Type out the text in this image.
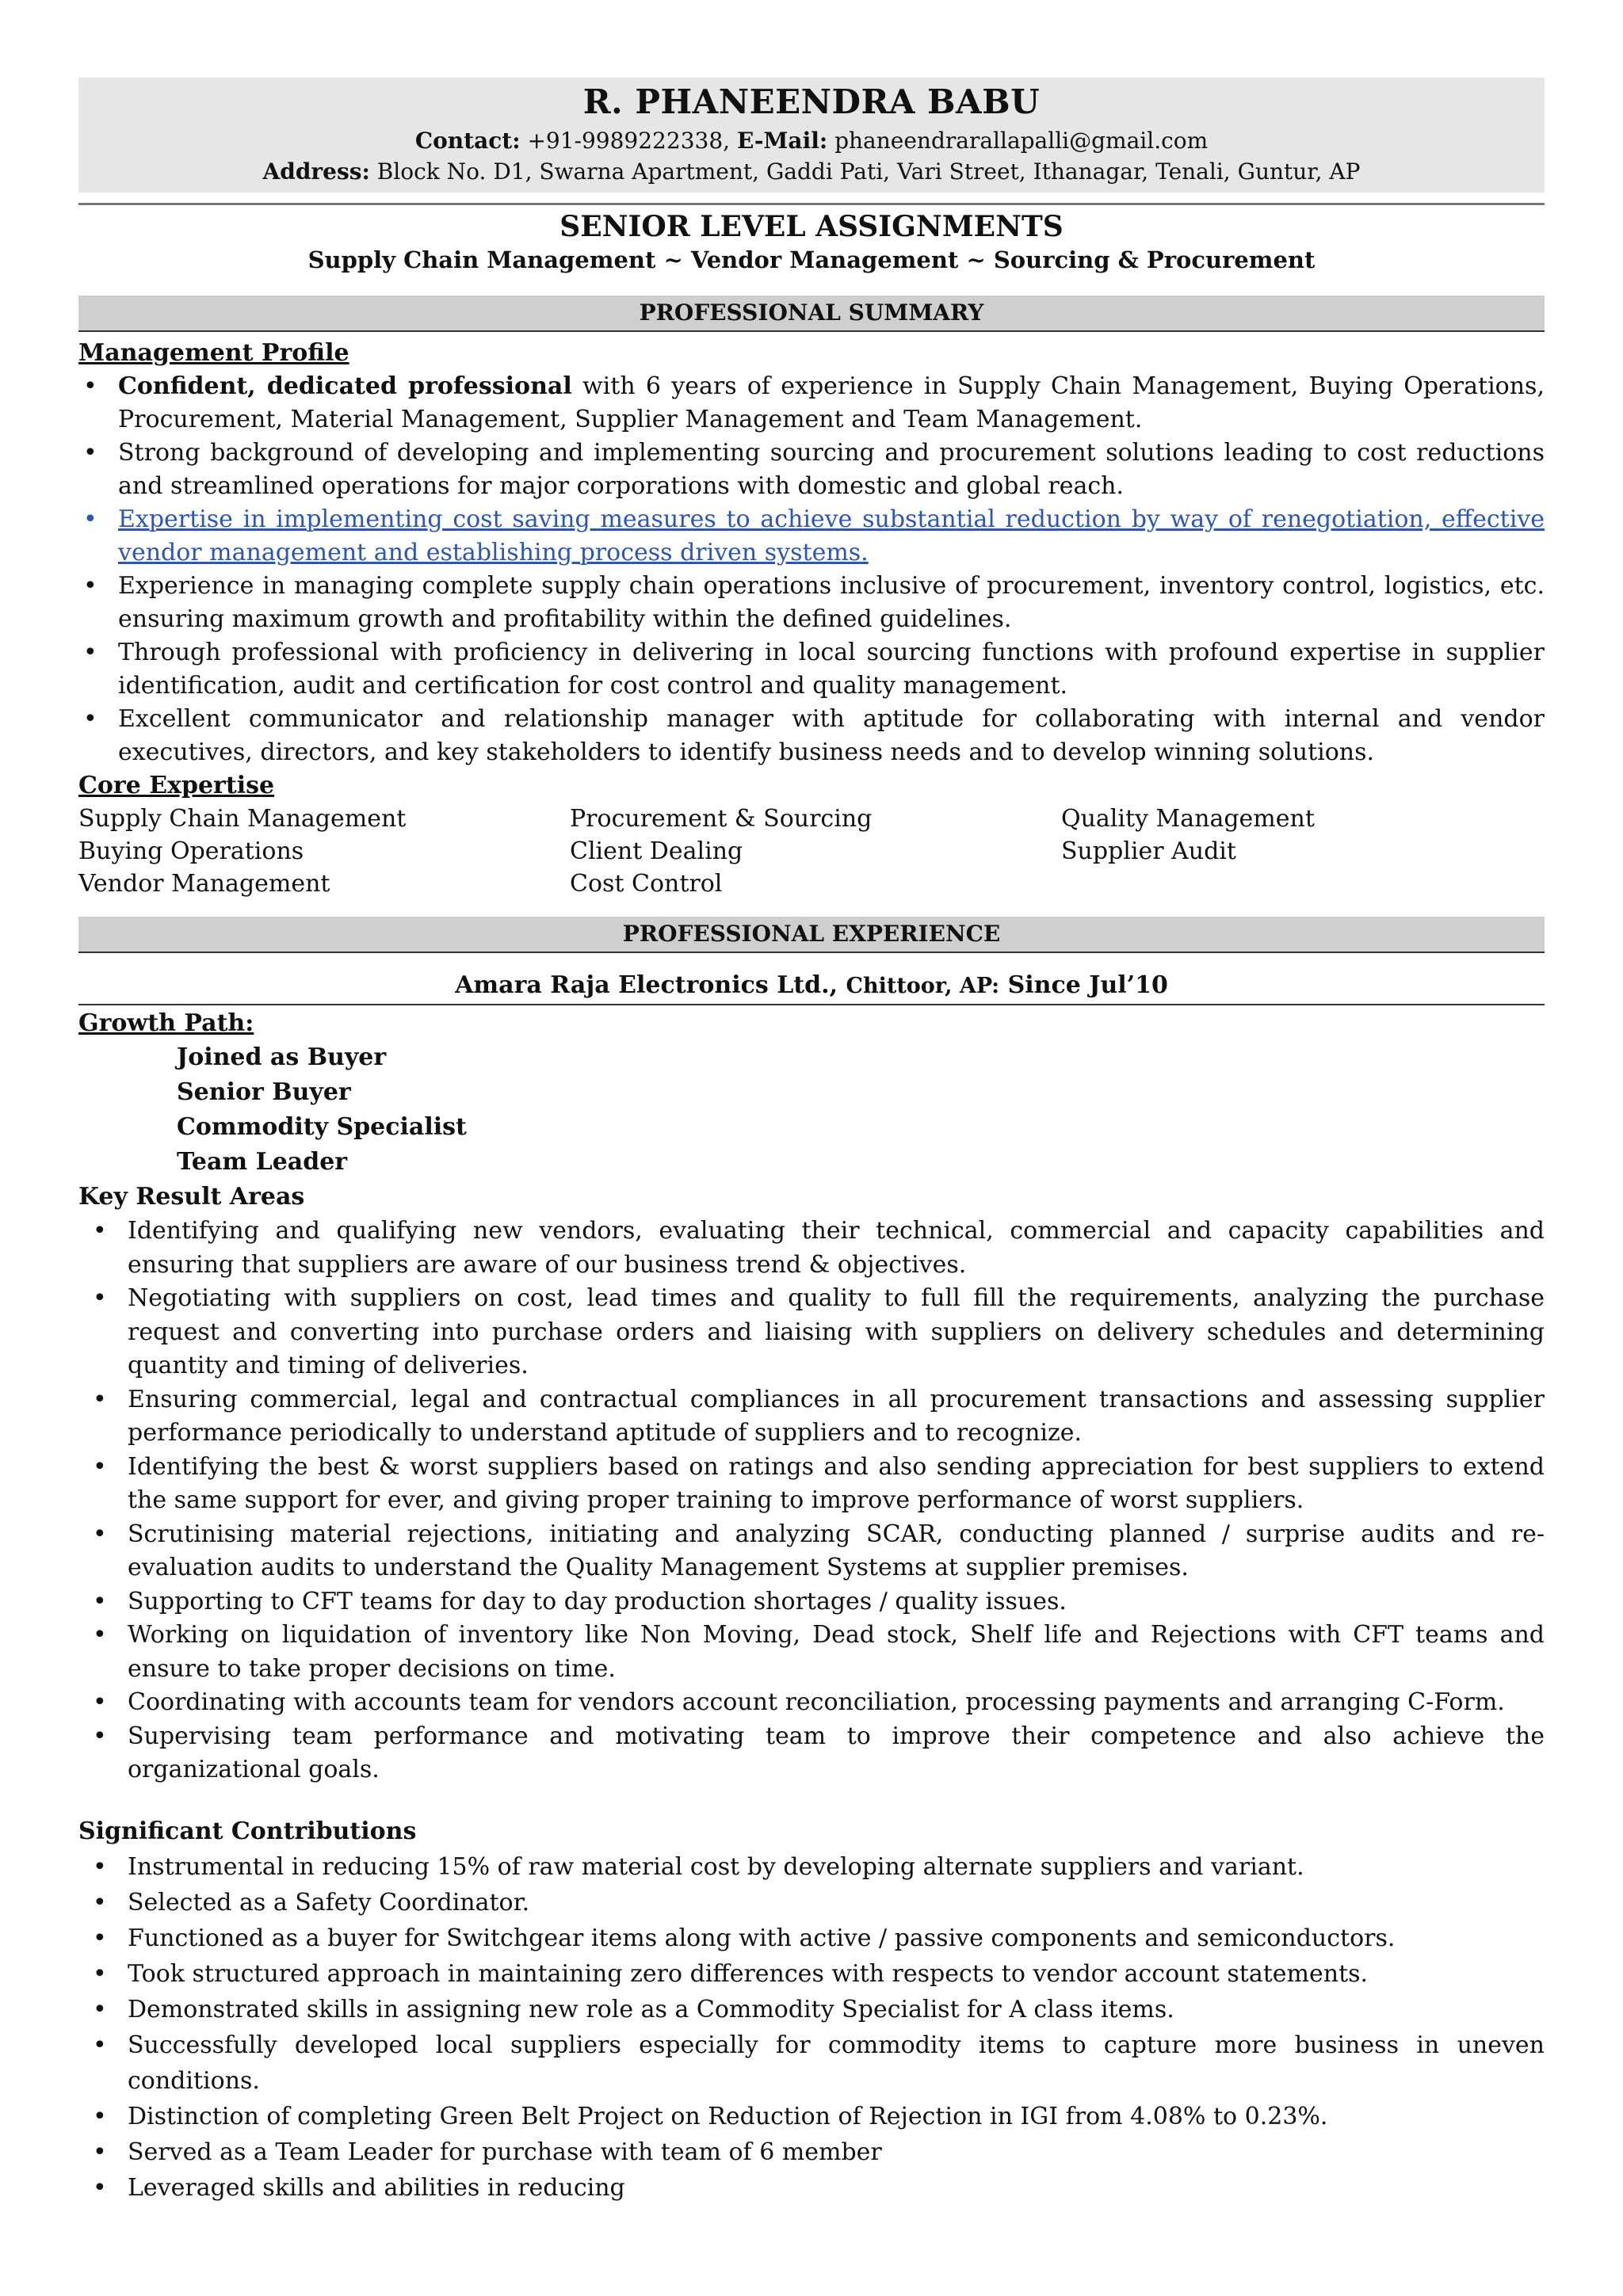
R. PHANEENDRA BABU
Contact: +91-9989222338, E-Mail: phaneendrarallapalli@gmail.com
Address: Block No. D1, Swarna Apartment, Gaddi Pati, Vari Street, Ithanagar, Tenali, Guntur, AP
SENIOR LEVEL ASSIGNMENTS
Supply Chain Management ~ Vendor Management ~ Sourcing & Procurement
PROFESSIONAL SUMMARY
Management Profile
• Confident, dedicated professional with 6 years of experience in Supply Chain Management, Buying Operations, Procurement, Material Management, Supplier Management and Team Management.
• Strong background of developing and implementing sourcing and procurement solutions leading to cost reductions and streamlined operations for major corporations with domestic and global reach.
• Expertise in implementing cost saving measures to achieve substantial reduction by way of renegotiation, effective vendor management and establishing process driven systems.
• Experience in managing complete supply chain operations inclusive of procurement, inventory control, logistics, etc. ensuring maximum growth and profitability within the defined guidelines.
• Through professional with proficiency in delivering in local sourcing functions with profound expertise in supplier identification, audit and certification for cost control and quality management.
• Excellent communicator and relationship manager with aptitude for collaborating with internal and vendor executives, directors, and key stakeholders to identify business needs and to develop winning solutions.
Core Expertise
Supply Chain Management	Procurement & Sourcing	Quality Management
Buying Operations	Client Dealing	Supplier Audit
Vendor Management	Cost Control
PROFESSIONAL EXPERIENCE
Amara Raja Electronics Ltd., Chittoor, AP: Since Jul’10
Growth Path:
Joined as Buyer
Senior Buyer
Commodity Specialist
Team Leader
Key Result Areas
• Identifying and qualifying new vendors, evaluating their technical, commercial and capacity capabilities and ensuring that suppliers are aware of our business trend & objectives.
• Negotiating with suppliers on cost, lead times and quality to full fill the requirements, analyzing the purchase request and converting into purchase orders and liaising with suppliers on delivery schedules and determining quantity and timing of deliveries.
• Ensuring commercial, legal and contractual compliances in all procurement transactions and assessing supplier performance periodically to understand aptitude of suppliers and to recognize.
• Identifying the best & worst suppliers based on ratings and also sending appreciation for best suppliers to extend the same support for ever, and giving proper training to improve performance of worst suppliers.
• Scrutinising material rejections, initiating and analyzing SCAR, conducting planned / surprise audits and re-evaluation audits to understand the Quality Management Systems at supplier premises.
• Supporting to CFT teams for day to day production shortages / quality issues.
• Working on liquidation of inventory like Non Moving, Dead stock, Shelf life and Rejections with CFT teams and ensure to take proper decisions on time.
• Coordinating with accounts team for vendors account reconciliation, processing payments and arranging C-Form.
• Supervising team performance and motivating team to improve their competence and also achieve the organizational goals.
Significant Contributions
• Instrumental in reducing 15% of raw material cost by developing alternate suppliers and variant.
• Selected as a Safety Coordinator.
• Functioned as a buyer for Switchgear items along with active / passive components and semiconductors.
• Took structured approach in maintaining zero differences with respects to vendor account statements.
• Demonstrated skills in assigning new role as a Commodity Specialist for A class items.
• Successfully developed local suppliers especially for commodity items to capture more business in uneven conditions.
• Distinction of completing Green Belt Project on Reduction of Rejection in IGI from 4.08% to 0.23%.
• Served as a Team Leader for purchase with team of 6 member
• Leveraged skills and abilities in reducing
